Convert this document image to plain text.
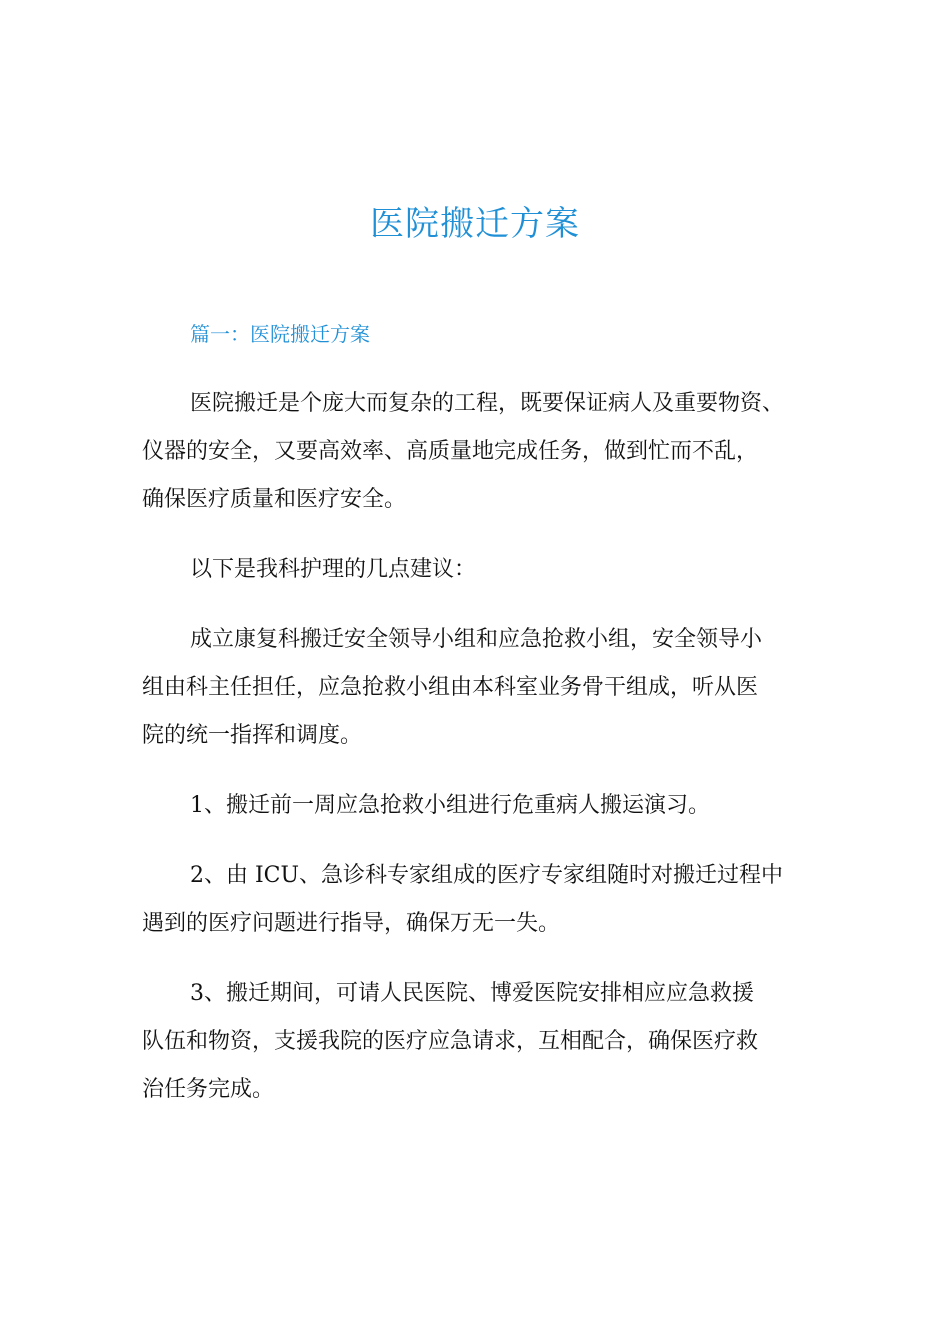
医院搬迁方案
篇一：医院搬迁方案

医院搬迁是个庞大而复杂的工程，既要保证病人及重要物资、
仪器的安全，又要高效率、高质量地完成任务，做到忙而不乱，
确保医疗质量和医疗安全。

以下是我科护理的几点建议：

成立康复科搬迁安全领导小组和应急抢救小组，安全领导小
组由科主任担任，应急抢救小组由本科室业务骨干组成，听从医
院的统一指挥和调度。

1、搬迁前一周应急抢救小组进行危重病人搬运演习。

2、由 ICU、急诊科专家组成的医疗专家组随时对搬迁过程中
遇到的医疗问题进行指导，确保万无一失。

3、搬迁期间，可请人民医院、博爱医院安排相应应急救援
队伍和物资，支援我院的医疗应急请求，互相配合，确保医疗救
治任务完成。
